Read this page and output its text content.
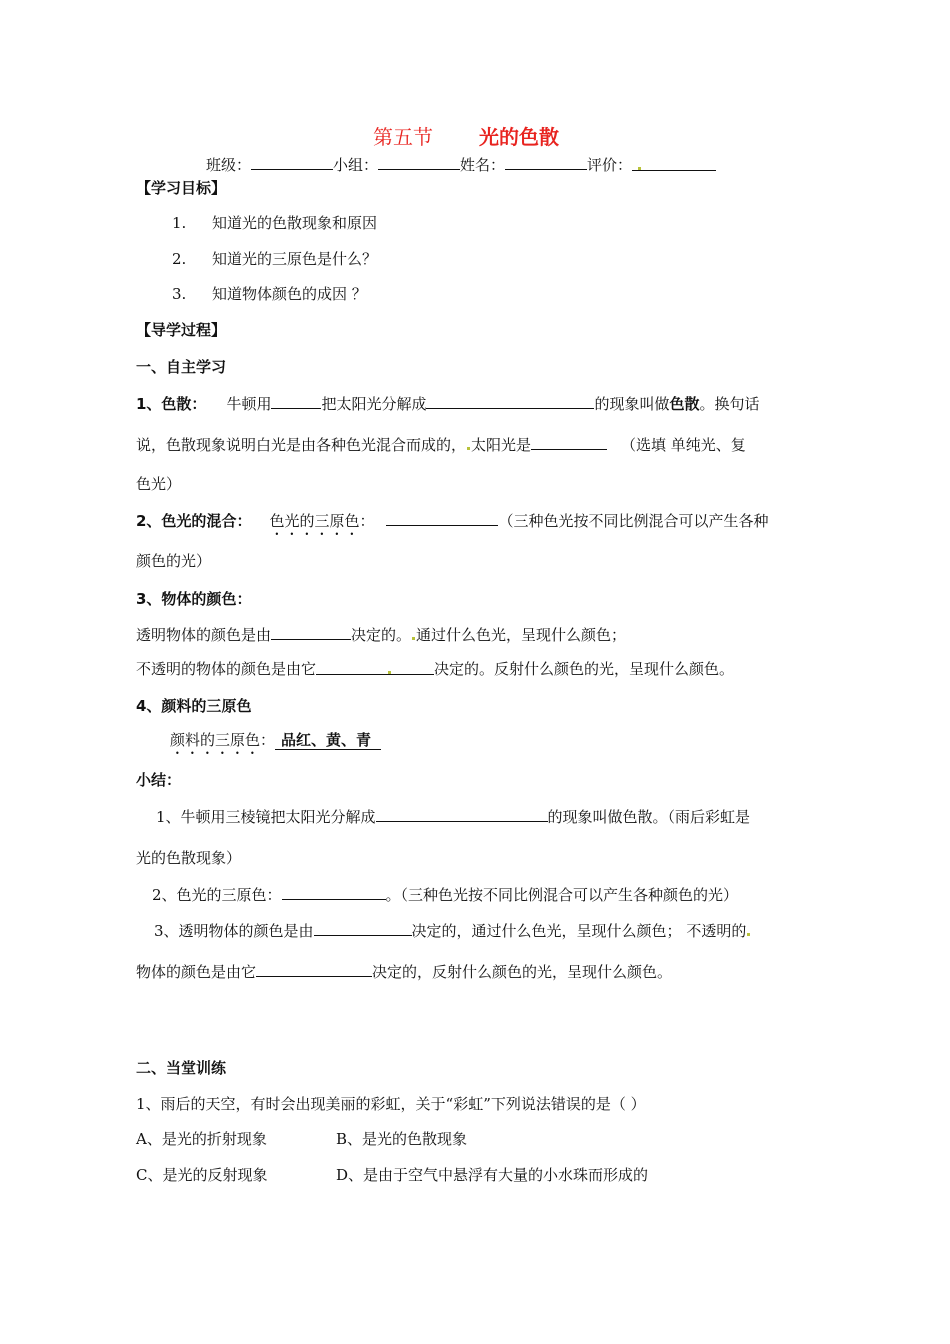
第五节 光的色散
班级：	小组：	姓名：	评价：
【学习目标】
1. 知道光的色散现象和原因
2. 知道光的三原色是什么？
3. 知道物体颜色的成因 ？
【导学过程】
一、自主学习
1、色散： 牛顿用	把太阳光分解成	的现象叫做色散。换句话
说，色散现象说明白光是由各种色光混合而成的， 太阳光是	（选填 单纯光、复
色光）
2、色光的混合： 色光的三原色：	（三种色光按不同比例混合可以产生各种
颜色的光）
3、物体的颜色：
透明物体的颜色是由	决定的。 通过什么色光，呈现什么颜色；
不透明的物体的颜色是由它	决定的。反射什么颜色的光，呈现什么颜色。
4、颜料的三原色
颜料的三原色： 品红、黄、青
小结：
1、牛顿用三棱镜把太阳光分解成	的现象叫做色散。（雨后彩虹是
光的色散现象）
2、色光的三原色：	。（三种色光按不同比例混合可以产生各种颜色的光）
3、透明物体的颜色是由	决定的，通过什么色光，呈现什么颜色； 不透明的
物体的颜色是由它	决定的，反射什么颜色的光，呈现什么颜色。
二、当堂训练
1、雨后的天空，有时会出现美丽的彩虹，关于“彩虹”下列说法错误的是（ ）
A、是光的折射现象	B、是光的色散现象
C、是光的反射现象	D、是由于空气中悬浮有大量的小水珠而形成的
